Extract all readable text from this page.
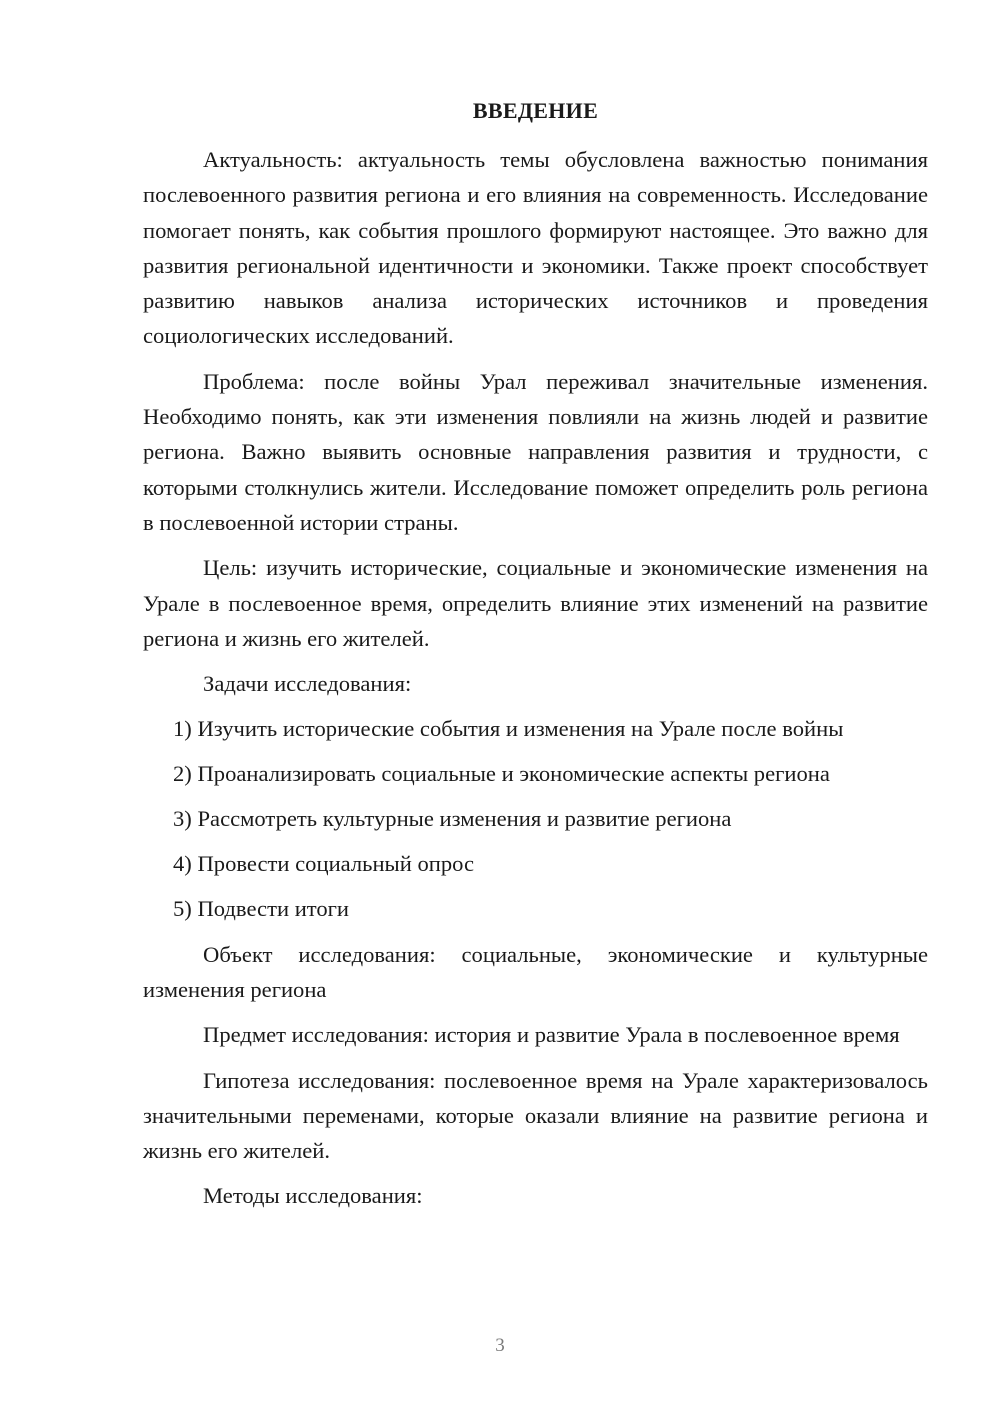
ВВЕДЕНИЕ

Актуальность: актуальность темы обусловлена важностью понимания послевоенного развития региона и его влияния на современность. Исследование помогает понять, как события прошлого формируют настоящее. Это важно для развития региональной идентичности и экономики. Также проект способствует развитию навыков анализа исторических источников и проведения социологических исследований.

Проблема: после войны Урал переживал значительные изменения. Необходимо понять, как эти изменения повлияли на жизнь людей и развитие региона. Важно выявить основные направления развития и трудности, с которыми столкнулись жители. Исследование поможет определить роль региона в послевоенной истории страны.

Цель: изучить исторические, социальные и экономические изменения на Урале в послевоенное время, определить влияние этих изменений на развитие региона и жизнь его жителей.

Задачи исследования:

1) Изучить исторические события и изменения на Урале после войны
2) Проанализировать социальные и экономические аспекты региона
3) Рассмотреть культурные изменения и развитие региона
4) Провести социальный опрос
5) Подвести итоги

Объект исследования: социальные, экономические и культурные изменения региона

Предмет исследования: история и развитие Урала в послевоенное время

Гипотеза исследования: послевоенное время на Урале характеризовалось значительными переменами, которые оказали влияние на развитие региона и жизнь его жителей.

Методы исследования:

3
